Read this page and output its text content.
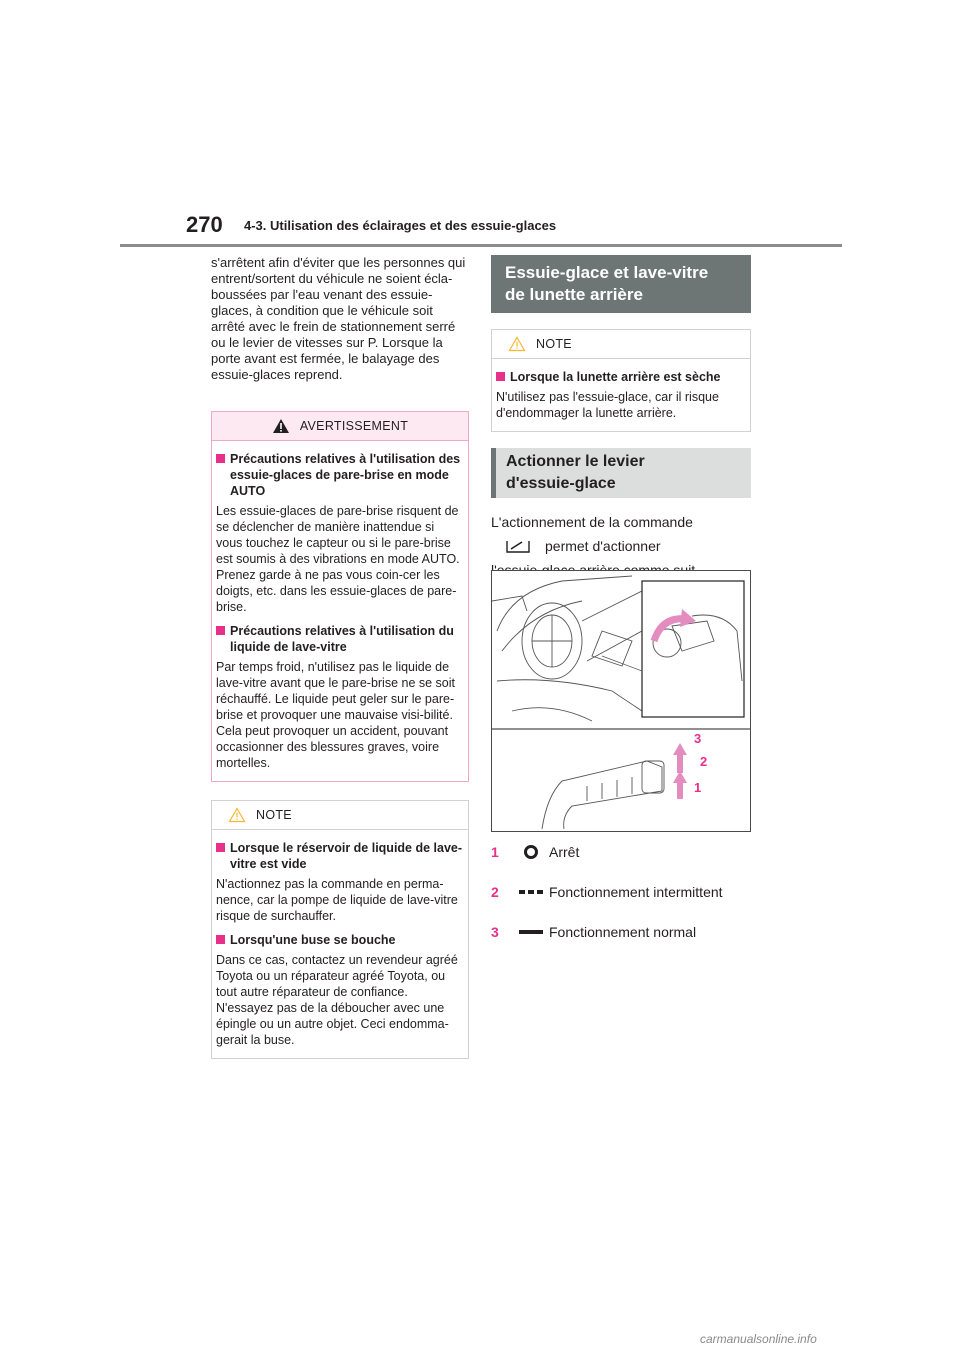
270 4-3. Utilisation des éclairages et des essuie-glaces

s'arrêtent afin d'éviter que les personnes qui entrent/sortent du véhicule ne soient écla-boussées par l'eau venant des essuie-glaces, à condition que le véhicule soit arrêté avec le frein de stationnement serré ou le levier de vitesses sur P. Lorsque la porte avant est fermée, le balayage des essuie-glaces reprend.

AVERTISSEMENT
Précautions relatives à l'utilisation des essuie-glaces de pare-brise en mode AUTO

Les essuie-glaces de pare-brise risquent de se déclencher de manière inattendue si vous touchez le capteur ou si le pare-brise est soumis à des vibrations en mode AUTO. Prenez garde à ne pas vous coin-cer les doigts, etc. dans les essuie-glaces de pare-brise.

Précautions relatives à l'utilisation du liquide de lave-vitre

Par temps froid, n'utilisez pas le liquide de lave-vitre avant que le pare-brise ne se soit réchauffé. Le liquide peut geler sur le pare-brise et provoquer une mauvaise visi-bilité. Cela peut provoquer un accident, pouvant occasionner des blessures graves, voire mortelles.

NOTE
Lorsque le réservoir de liquide de lave-vitre est vide

N'actionnez pas la commande en perma-nence, car la pompe de liquide de lave-vitre risque de surchauffer.

Lorsqu'une buse se bouche

Dans ce cas, contactez un revendeur agréé Toyota ou un réparateur agréé Toyota, ou tout autre réparateur de confiance. N'essayez pas de la déboucher avec une épingle ou un autre objet. Ceci endomma-gerait la buse.

Essuie-glace et lave-vitre
de lunette arrière
NOTE
Lorsque la lunette arrière est sèche

N'utilisez pas l'essuie-glace, car il risque d'endommager la lunette arrière.

Actionner le levier
d'essuie-glace
L'actionnement de la commande
permet d'actionner
3
2
1
1	Arrêt
2	Fonctionnement intermittent
3	Fonctionnement normal
carmanualsonline.info
